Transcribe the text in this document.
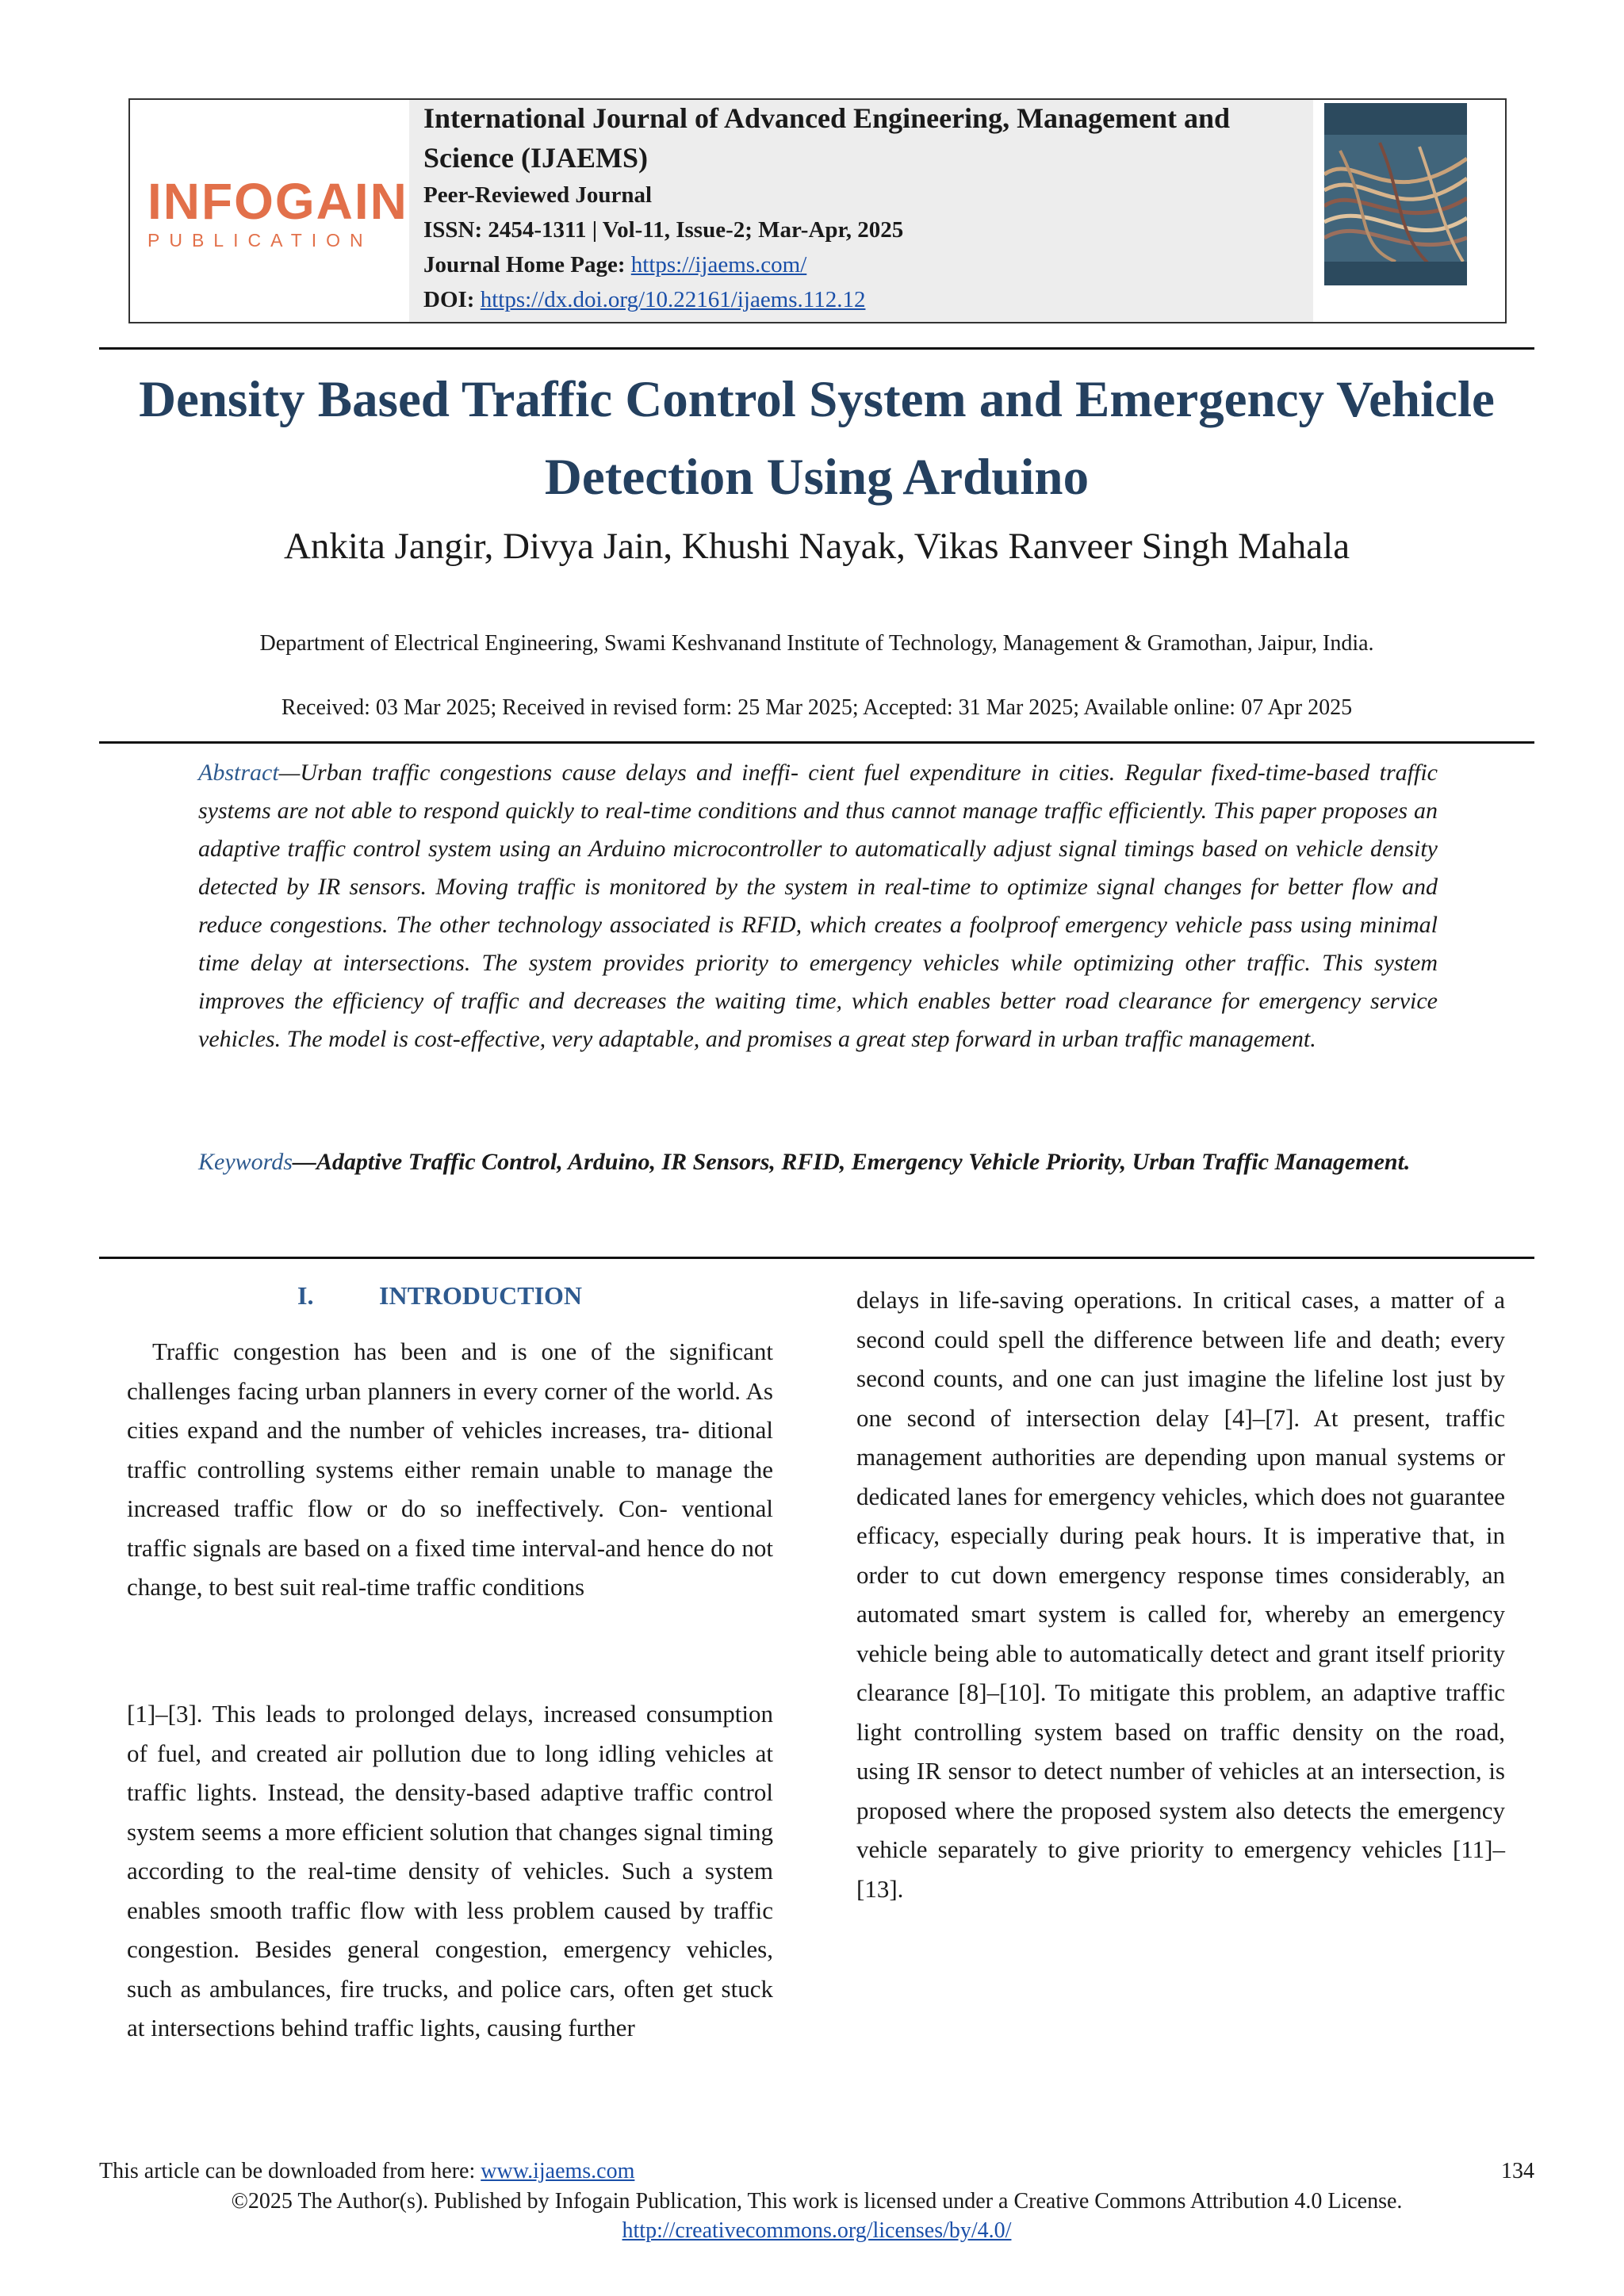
INFOGAIN
PUBLICATION
International Journal of Advanced Engineering, Management and Science (IJAEMS)
Peer-Reviewed Journal
ISSN: 2454-1311 | Vol-11, Issue-2; Mar-Apr, 2025
Journal Home Page: https://ijaems.com/
DOI: https://dx.doi.org/10.22161/ijaems.112.12
Density Based Traffic Control System and Emergency Vehicle Detection Using Arduino
Ankita Jangir, Divya Jain, Khushi Nayak, Vikas Ranveer Singh Mahala
Department of Electrical Engineering, Swami Keshvanand Institute of Technology, Management & Gramothan, Jaipur, India.
Received: 03 Mar 2025; Received in revised form: 25 Mar 2025; Accepted: 31 Mar 2025; Available online: 07 Apr 2025
Abstract—Urban traffic congestions cause delays and ineffi- cient fuel expenditure in cities. Regular fixed-time-based traffic systems are not able to respond quickly to real-time conditions and thus cannot manage traffic efficiently. This paper proposes an adaptive traffic control system using an Arduino microcontroller to automatically adjust signal timings based on vehicle density detected by IR sensors. Moving traffic is monitored by the system in real-time to optimize signal changes for better flow and reduce congestions. The other technology associated is RFID, which creates a foolproof emergency vehicle pass using minimal time delay at intersections. The system provides priority to emergency vehicles while optimizing other traffic. This system improves the efficiency of traffic and decreases the waiting time, which enables better road clearance for emergency service vehicles. The model is cost-effective, very adaptable, and promises a great step forward in urban traffic management.
Keywords—Adaptive Traffic Control, Arduino, IR Sensors, RFID, Emergency Vehicle Priority, Urban Traffic Management.
I.	INTRODUCTION
Traffic congestion has been and is one of the significant challenges facing urban planners in every corner of the world. As cities expand and the number of vehicles increases, tra- ditional traffic controlling systems either remain unable to manage the increased traffic flow or do so ineffectively. Con- ventional traffic signals are based on a fixed time interval-and hence do not change, to best suit real-time traffic conditions
[1]–[3]. This leads to prolonged delays, increased consumption of fuel, and created air pollution due to long idling vehicles at traffic lights. Instead, the density-based adaptive traffic control system seems a more efficient solution that changes signal timing according to the real-time density of vehicles. Such a system enables smooth traffic flow with less problem caused by traffic congestion. Besides general congestion, emergency vehicles, such as ambulances, fire trucks, and police cars, often get stuck at intersections behind traffic lights, causing further
delays in life-saving operations. In critical cases, a matter of a second could spell the difference between life and death; every second counts, and one can just imagine the lifeline lost just by one second of intersection delay [4]–[7]. At present, traffic management authorities are depending upon manual systems or dedicated lanes for emergency vehicles, which does not guarantee efficacy, especially during peak hours. It is imperative that, in order to cut down emergency response times considerably, an automated smart system is called for, whereby an emergency vehicle being able to automatically detect and grant itself priority clearance [8]–[10]. To mitigate this problem, an adaptive traffic light controlling system based on traffic density on the road, using IR sensor to detect number of vehicles at an intersection, is proposed where the proposed system also detects the emergency vehicle separately to give priority to emergency vehicles [11]–[13].
This article can be downloaded from here: www.ijaems.com	134
©2025 The Author(s). Published by Infogain Publication, This work is licensed under a Creative Commons Attribution 4.0 License.
http://creativecommons.org/licenses/by/4.0/
